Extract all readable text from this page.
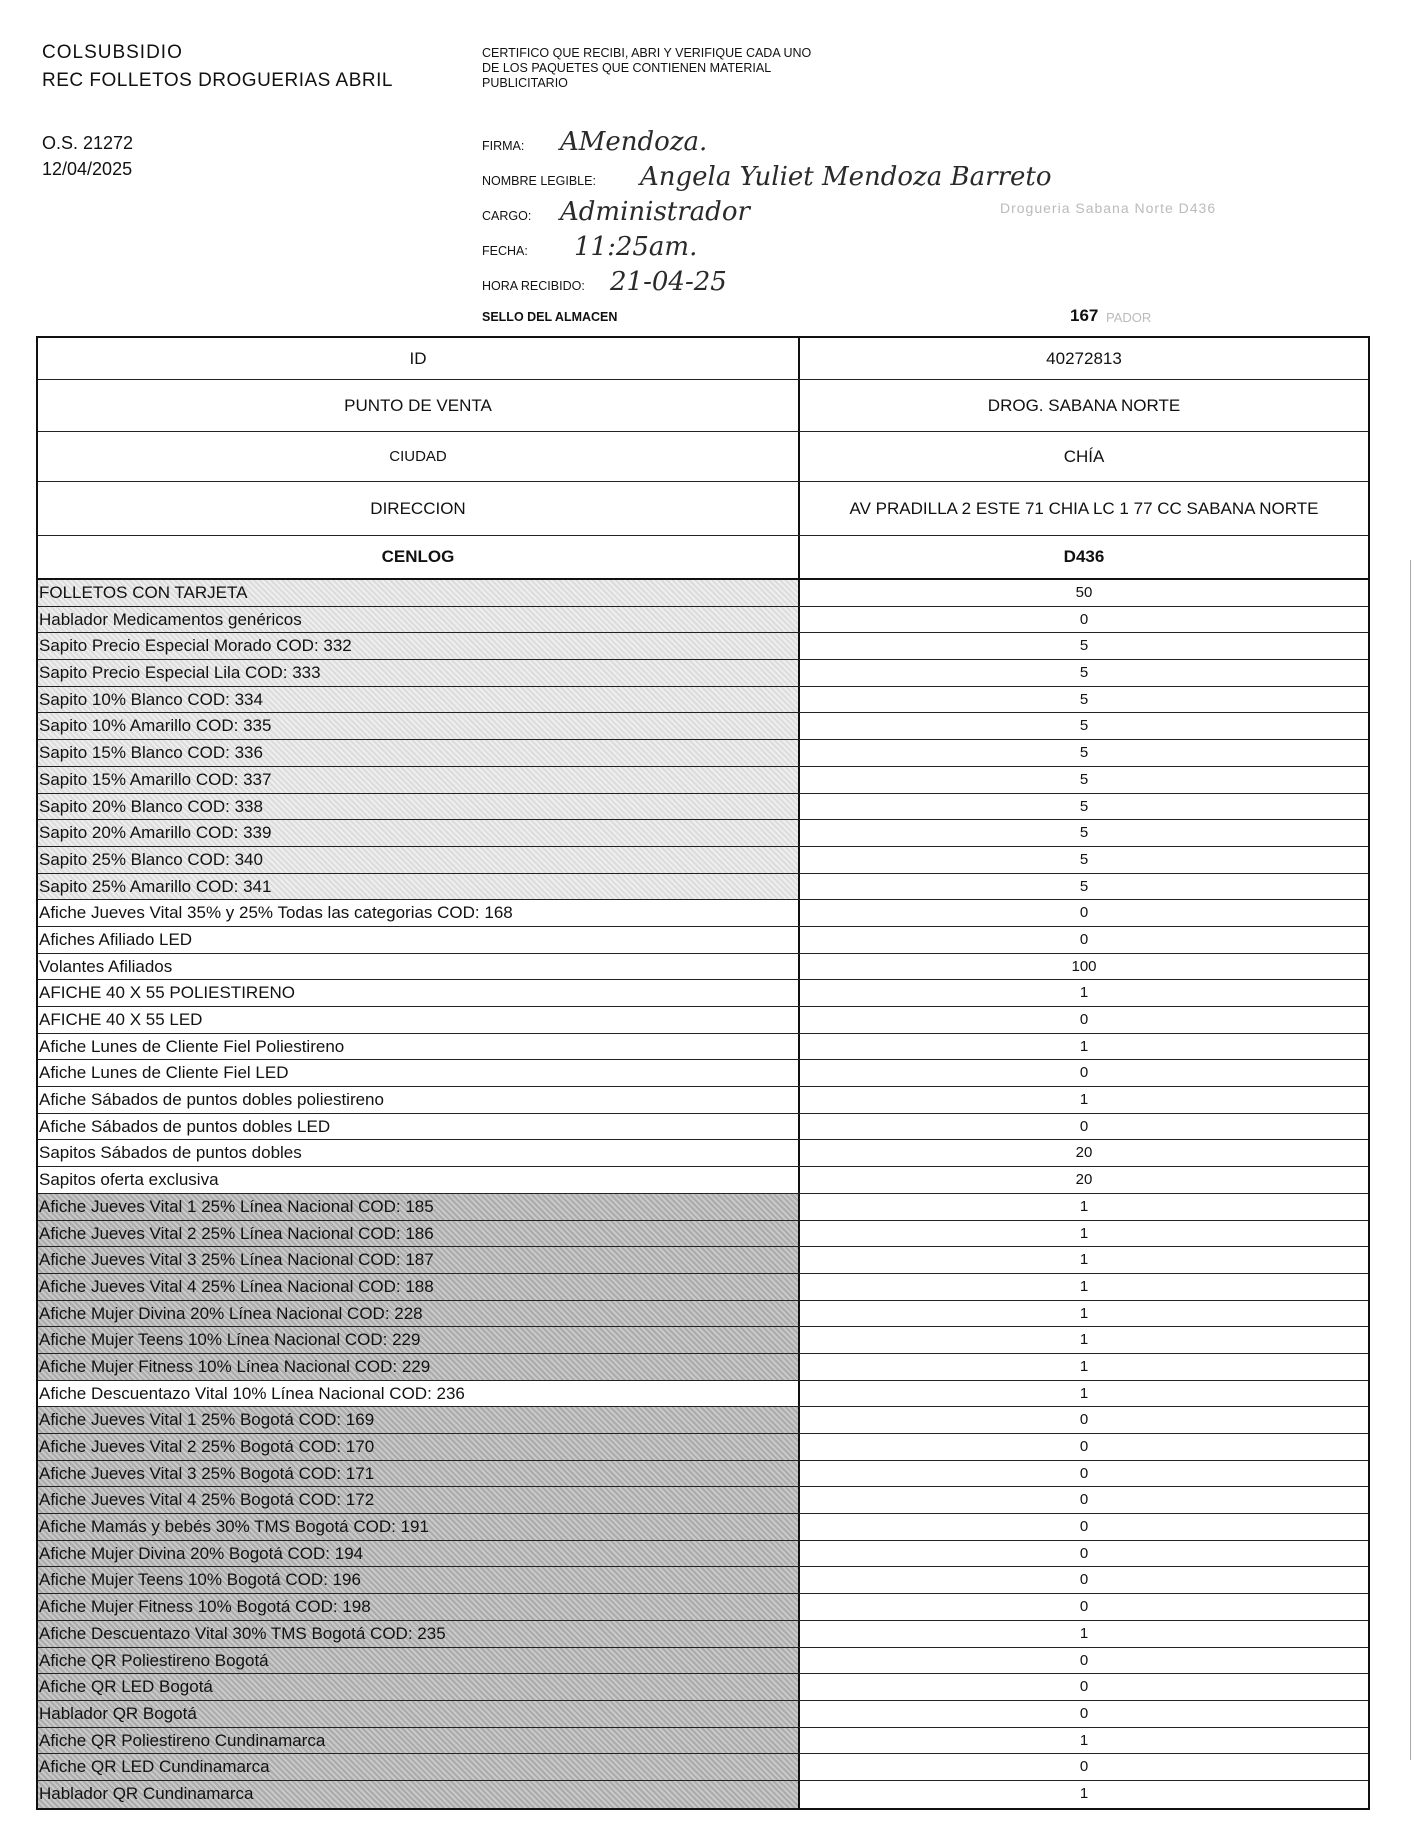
COLSUBSIDIO
REC FOLLETOS DROGUERIAS ABRIL
O.S. 21272
12/04/2025
CERTIFICO QUE RECIBI, ABRI Y VERIFIQUE CADA UNO DE LOS PAQUETES QUE CONTIENEN MATERIAL PUBLICITARIO
FIRMA: AMendoza.
NOMBRE LEGIBLE: Angela Yuliet Mendoza Barreto
CARGO: Administrador
FECHA: 11:25am.
HORA RECIBIDO: 21-04-25
Drogueria Sabana Norte D436
SELLO DEL ALMACEN	167 PADOR
ID	40272813
PUNTO DE VENTA	DROG. SABANA NORTE
CIUDAD	CHÍA
DIRECCION	AV PRADILLA 2 ESTE 71 CHIA LC 1 77 CC SABANA NORTE
CENLOG	D436
FOLLETOS CON TARJETA	50
Hablador Medicamentos genéricos	0
Sapito Precio Especial Morado COD: 332	5
Sapito Precio Especial Lila COD: 333	5
Sapito 10% Blanco COD: 334	5
Sapito 10% Amarillo COD: 335	5
Sapito 15% Blanco COD: 336	5
Sapito 15% Amarillo COD: 337	5
Sapito 20% Blanco COD: 338	5
Sapito 20% Amarillo COD: 339	5
Sapito 25% Blanco COD: 340	5
Sapito 25% Amarillo COD: 341	5
Afiche Jueves Vital 35% y 25% Todas las categorias COD: 168	0
Afiches Afiliado LED	0
Volantes Afiliados	100
AFICHE 40 X 55 POLIESTIRENO	1
AFICHE 40 X 55 LED	0
Afiche Lunes de Cliente Fiel Poliestireno	1
Afiche Lunes de Cliente Fiel LED	0
Afiche Sábados de puntos dobles poliestireno	1
Afiche Sábados de puntos dobles LED	0
Sapitos Sábados de puntos dobles	20
Sapitos oferta exclusiva	20
Afiche Jueves Vital 1 25% Línea Nacional COD: 185	1
Afiche Jueves Vital 2 25% Línea Nacional COD: 186	1
Afiche Jueves Vital 3 25% Línea Nacional COD: 187	1
Afiche Jueves Vital 4 25% Línea Nacional COD: 188	1
Afiche Mujer Divina 20% Línea Nacional COD: 228	1
Afiche Mujer Teens 10% Línea Nacional COD: 229	1
Afiche Mujer Fitness 10% Línea Nacional COD: 229	1
Afiche Descuentazo Vital 10% Línea Nacional COD: 236	1
Afiche Jueves Vital 1 25% Bogotá COD: 169	0
Afiche Jueves Vital 2 25% Bogotá COD: 170	0
Afiche Jueves Vital 3 25% Bogotá COD: 171	0
Afiche Jueves Vital 4 25% Bogotá COD: 172	0
Afiche Mamás y bebés 30% TMS Bogotá COD: 191	0
Afiche Mujer Divina 20% Bogotá COD: 194	0
Afiche Mujer Teens 10% Bogotá COD: 196	0
Afiche Mujer Fitness 10% Bogotá COD: 198	0
Afiche Descuentazo Vital 30% TMS Bogotá COD: 235	1
Afiche QR Poliestireno Bogotá	0
Afiche QR LED Bogotá	0
Hablador QR Bogotá	0
Afiche QR Poliestireno Cundinamarca	1
Afiche QR LED Cundinamarca	0
Hablador QR Cundinamarca	1
